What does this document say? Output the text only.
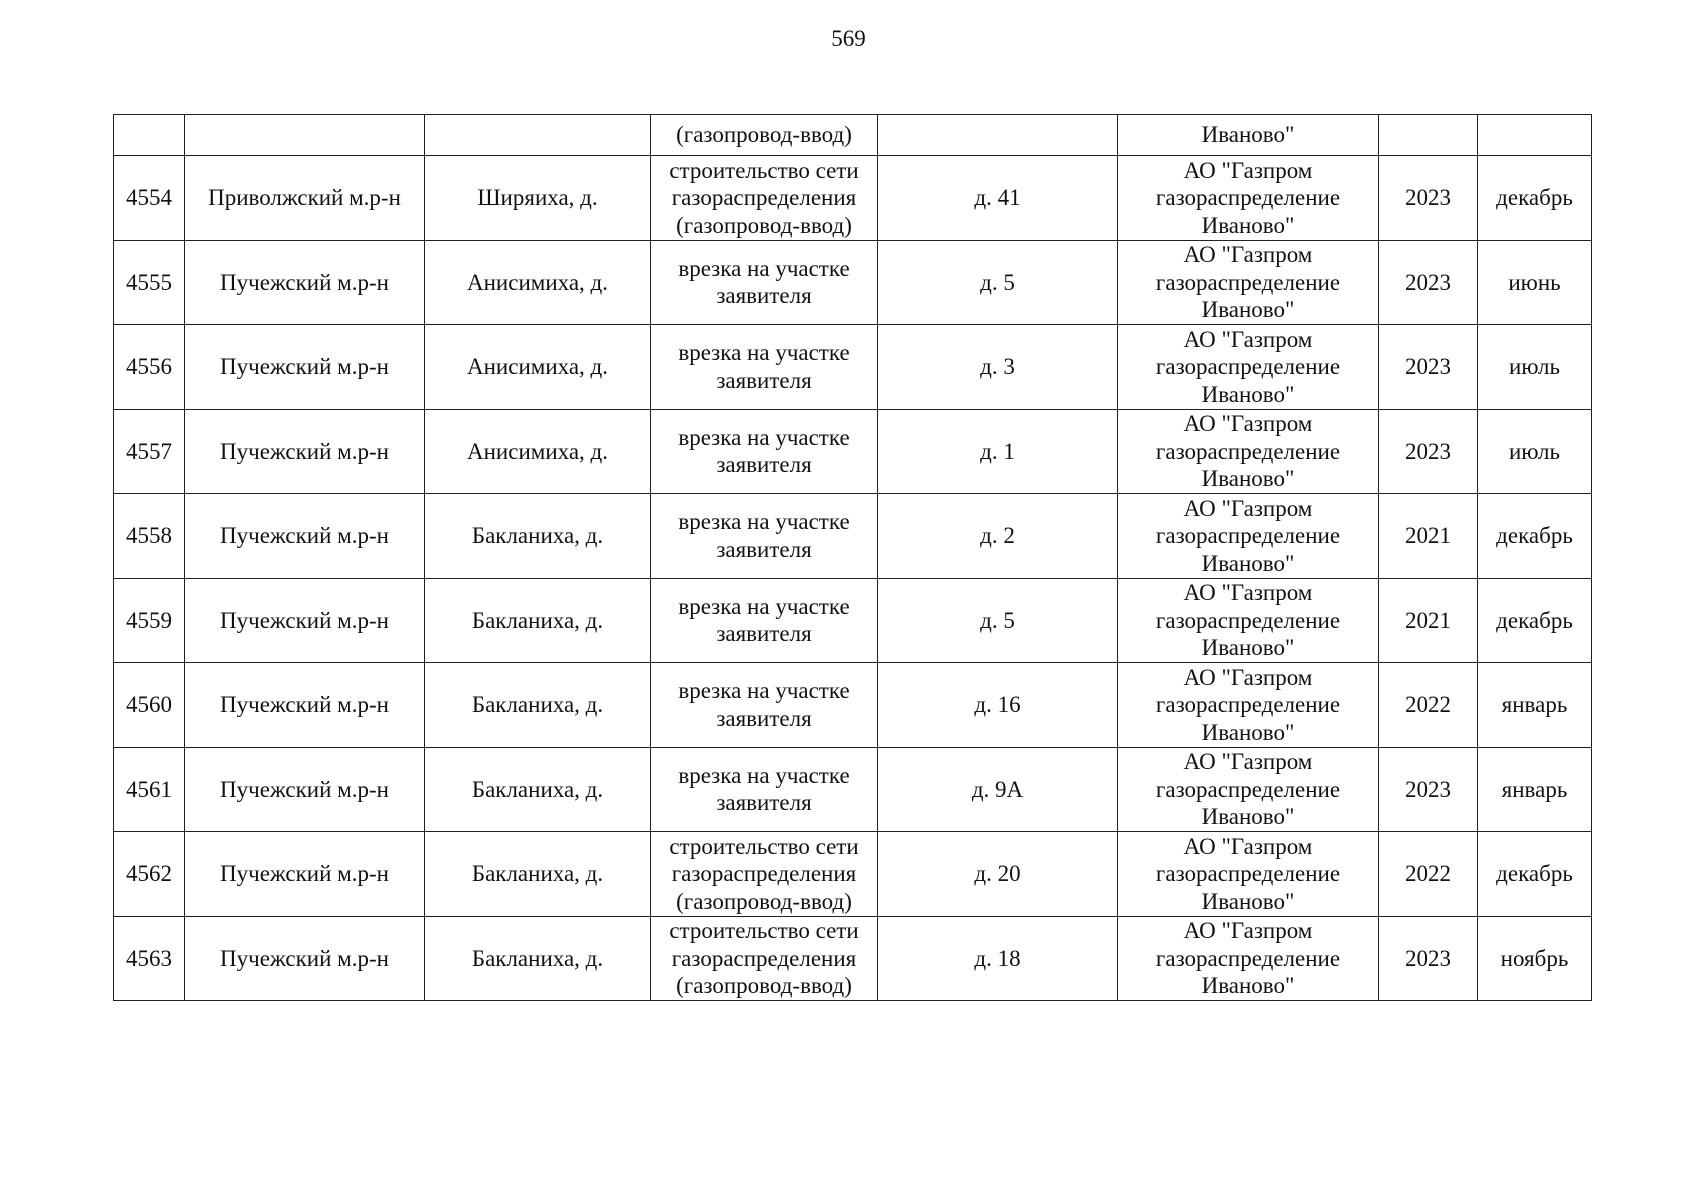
569
			(газопровод-ввод)		Иваново"		
4554	Приволжский м.р-н	Ширяиха, д.	строительство сети
газораспределения
(газопровод-ввод)	д. 41	АО "Газпром
газораспределение
Иваново"	2023	декабрь
4555	Пучежский м.р-н	Анисимиха, д.	врезка на участке
заявителя	д. 5	АО "Газпром
газораспределение
Иваново"	2023	июнь
4556	Пучежский м.р-н	Анисимиха, д.	врезка на участке
заявителя	д. 3	АО "Газпром
газораспределение
Иваново"	2023	июль
4557	Пучежский м.р-н	Анисимиха, д.	врезка на участке
заявителя	д. 1	АО "Газпром
газораспределение
Иваново"	2023	июль
4558	Пучежский м.р-н	Бакланиха, д.	врезка на участке
заявителя	д. 2	АО "Газпром
газораспределение
Иваново"	2021	декабрь
4559	Пучежский м.р-н	Бакланиха, д.	врезка на участке
заявителя	д. 5	АО "Газпром
газораспределение
Иваново"	2021	декабрь
4560	Пучежский м.р-н	Бакланиха, д.	врезка на участке
заявителя	д. 16	АО "Газпром
газораспределение
Иваново"	2022	январь
4561	Пучежский м.р-н	Бакланиха, д.	врезка на участке
заявителя	д. 9А	АО "Газпром
газораспределение
Иваново"	2023	январь
4562	Пучежский м.р-н	Бакланиха, д.	строительство сети
газораспределения
(газопровод-ввод)	д. 20	АО "Газпром
газораспределение
Иваново"	2022	декабрь
4563	Пучежский м.р-н	Бакланиха, д.	строительство сети
газораспределения
(газопровод-ввод)	д. 18	АО "Газпром
газораспределение
Иваново"	2023	ноябрь
